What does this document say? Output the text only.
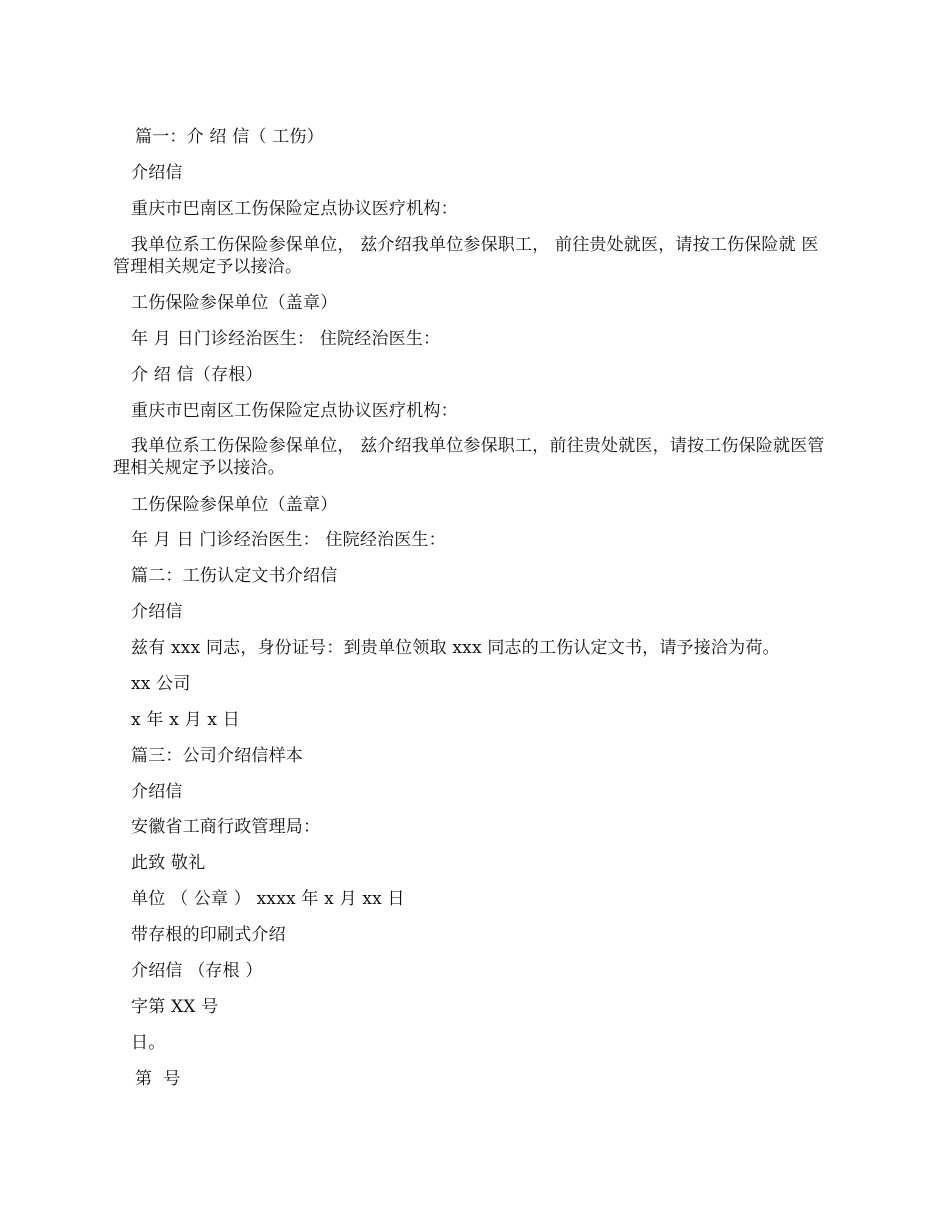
篇一：介 绍 信（ 工伤）
介绍信
重庆市巴南区工伤保险定点协议医疗机构：
我单位系工伤保险参保单位， 兹介绍我单位参保职工， 前往贵处就医，请按工伤保险就 医管理相关规定予以接洽。
工伤保险参保单位（盖章）
年 月 日门诊经治医生： 住院经治医生：
介 绍 信（存根）
重庆市巴南区工伤保险定点协议医疗机构：
我单位系工伤保险参保单位， 兹介绍我单位参保职工，前往贵处就医，请按工伤保险就医管理相关规定予以接洽。
工伤保险参保单位（盖章）
年 月 日 门诊经治医生： 住院经治医生：
篇二：工伤认定文书介绍信
介绍信
兹有 xxx 同志，身份证号：到贵单位领取 xxx 同志的工伤认定文书，请予接洽为荷。
xx 公司
x 年 x 月 x 日
篇三：公司介绍信样本
介绍信
安徽省工商行政管理局：
此致 敬礼
单位 （ 公章 ） xxxx 年 x 月 xx 日
带存根的印刷式介绍
介绍信 （存根 ）
字第 XX 号
日。
第 号
